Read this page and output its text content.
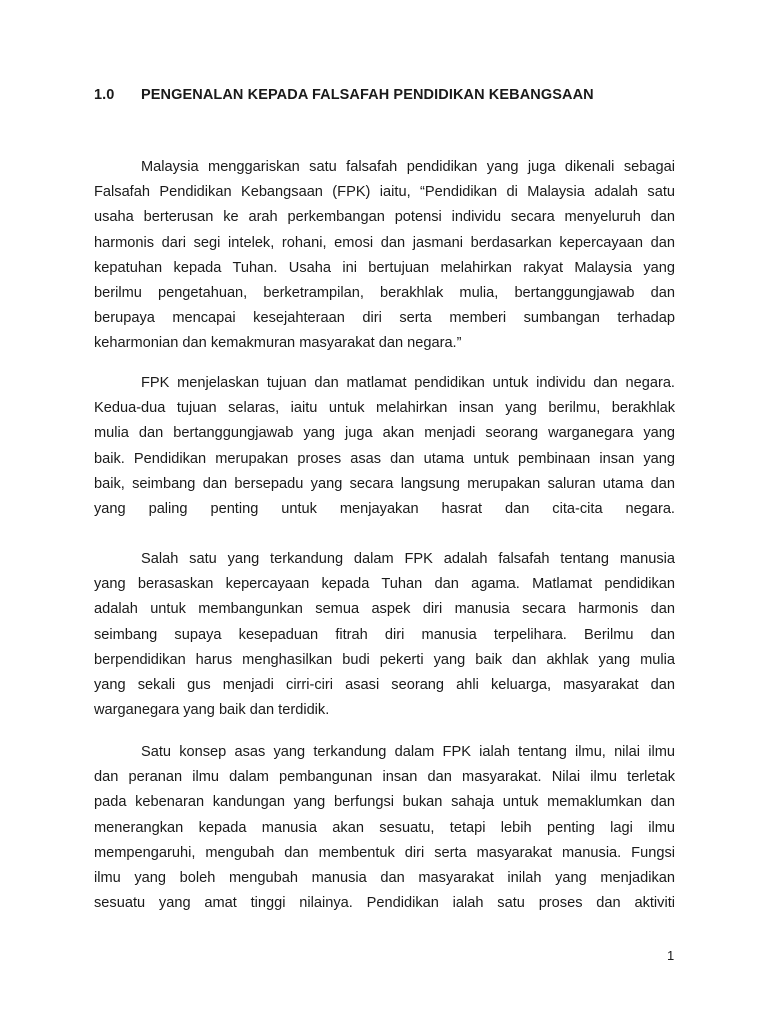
1.0 PENGENALAN KEPADA FALSAFAH PENDIDIKAN KEBANGSAAN
Malaysia menggariskan satu falsafah pendidikan yang juga dikenali sebagai
Falsafah Pendidikan Kebangsaan (FPK) iaitu, “Pendidikan di Malaysia adalah satu
usaha berterusan ke arah perkembangan potensi individu secara menyeluruh dan
harmonis dari segi intelek, rohani, emosi dan jasmani berdasarkan kepercayaan dan
kepatuhan kepada Tuhan. Usaha ini bertujuan melahirkan rakyat Malaysia yang
berilmu pengetahuan, berketrampilan, berakhlak mulia, bertanggungjawab dan
berupaya mencapai kesejahteraan diri serta memberi sumbangan terhadap
keharmonian dan kemakmuran masyarakat dan negara.”
FPK menjelaskan tujuan dan matlamat pendidikan untuk individu dan negara.
Kedua-dua tujuan selaras, iaitu untuk melahirkan insan yang berilmu, berakhlak
mulia dan bertanggungjawab yang juga akan menjadi seorang warganegara yang
baik. Pendidikan merupakan proses asas dan utama untuk pembinaan insan yang
baik, seimbang dan bersepadu yang secara langsung merupakan saluran utama dan
yang paling penting untuk menjayakan hasrat dan cita-cita negara.
Salah satu yang terkandung dalam FPK adalah falsafah tentang manusia
yang berasaskan kepercayaan kepada Tuhan dan agama. Matlamat pendidikan
adalah untuk membangunkan semua aspek diri manusia secara harmonis dan
seimbang supaya kesepaduan fitrah diri manusia terpelihara. Berilmu dan
berpendidikan harus menghasilkan budi pekerti yang baik dan akhlak yang mulia
yang sekali gus menjadi cirri-ciri asasi seorang ahli keluarga, masyarakat dan
warganegara yang baik dan terdidik.
Satu konsep asas yang terkandung dalam FPK ialah tentang ilmu, nilai ilmu
dan peranan ilmu dalam pembangunan insan dan masyarakat. Nilai ilmu terletak
pada kebenaran kandungan yang berfungsi bukan sahaja untuk memaklumkan dan
menerangkan kepada manusia akan sesuatu, tetapi lebih penting lagi ilmu
mempengaruhi, mengubah dan membentuk diri serta masyarakat manusia. Fungsi
ilmu yang boleh mengubah manusia dan masyarakat inilah yang menjadikan
sesuatu yang amat tinggi nilainya. Pendidikan ialah satu proses dan aktiviti
1
